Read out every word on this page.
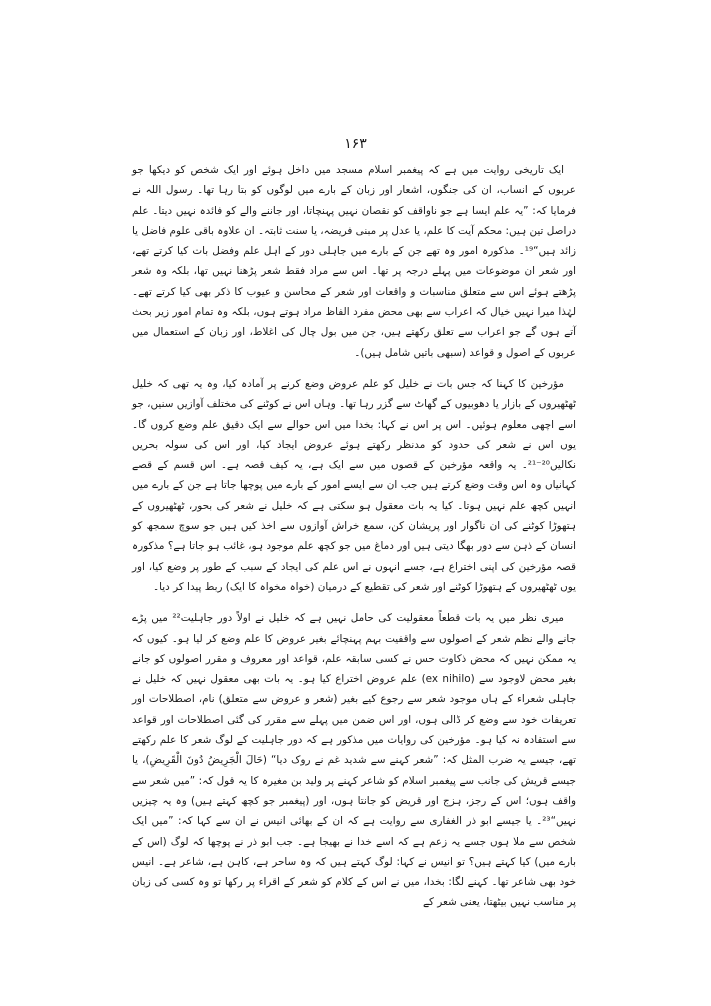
۱۶۳

ایک تاریخی روایت میں ہے کہ پیغمبر اسلام مسجد میں داخل ہوئے اور ایک شخص کو دیکھا جو عربوں کے انساب، ان کی جنگوں، اشعار اور زبان کے بارے میں لوگوں کو بتا رہا تھا۔ رسول اللہ نے فرمایا کہ: ”یہ علم ایسا ہے جو ناواقف کو نقصان نہیں پہنچاتا، اور جاننے والے کو فائدہ نہیں دیتا۔ علم دراصل تین ہیں: محکم آیت کا علم، یا عدل پر مبنی فریضہ، یا سنت ثابتہ۔ ان علاوہ باقی علوم فاضل یا زائد ہیں“¹⁹۔ مذکورہ امور وہ تھے جن کے بارے میں جاہلی دور کے اہل علم وفضل بات کیا کرتے تھے، اور شعر ان موضوعات میں پہلے درجہ پر تھا۔ اس سے مراد فقط شعر پڑھنا نہیں تھا، بلکہ وہ شعر پڑھتے ہوئے اس سے متعلق مناسبات و واقعات اور شعر کے محاسن و عیوب کا ذکر بھی کیا کرتے تھے۔ لہٰذا میرا نہیں خیال کہ اعراب سے بھی محض مفرد الفاظ مراد ہوتے ہوں، بلکہ وہ تمام امور زیر بحث آتے ہوں گے جو اعراب سے تعلق رکھتے ہیں، جن میں بول چال کی اغلاط، اور زبان کے استعمال میں عربوں کے اصول و قواعد (سبھی باتیں شامل ہیں)۔

مؤرخین کا کہنا کہ جس بات نے خلیل کو علم عروض وضع کرنے پر آمادہ کیا، وہ یہ تھی کہ خلیل ٹھٹھیروں کے بازار یا دھوبیوں کے گھاٹ سے گزر رہا تھا۔ وہاں اس نے کوٹنے کی مختلف آوازیں سنیں، جو اسے اچھی معلوم ہوئیں۔ اس پر اس نے کہا: بخدا میں اس حوالے سے ایک دقیق علم وضع کروں گا۔ یوں اس نے شعر کی حدود کو مدنظر رکھتے ہوئے عروض ایجاد کیا، اور اس کی سولہ بحریں نکالیں²⁰⁻²¹۔ یہ واقعہ مؤرخین کے قصوں میں سے ایک ہے، یہ کیف قصہ ہے۔ اس قسم کے قصے کہانیاں وہ اس وقت وضع کرتے ہیں جب ان سے ایسے امور کے بارے میں پوچھا جاتا ہے جن کے بارے میں انہیں کچھ علم نہیں ہوتا۔ کیا یہ بات معقول ہو سکتی ہے کہ خلیل نے شعر کی بحور، ٹھٹھیروں کے ہتھوڑا کوٹنے کی ان ناگوار اور پریشان کن، سمع خراش آوازوں سے اخذ کیں ہیں جو سوچ سمجھ کو انسان کے ذہن سے دور بھگا دیتی ہیں اور دماغ میں جو کچھ علم موجود ہو، غائب ہو جاتا ہے؟ مذکورہ قصہ مؤرخین کی اپنی اختراع ہے، جسے انہوں نے اس علم کی ایجاد کے سبب کے طور پر وضع کیا، اور یوں ٹھٹھیروں کے ہتھوڑا کوٹنے اور شعر کی تقطیع کے درمیان (خواہ مخواہ کا ایک) ربط پیدا کر دیا۔

میری نظر میں یہ بات قطعاً معقولیت کی حامل نہیں ہے کہ خلیل نے اولاً دور جاہلیت²² میں پڑے جانے والے نظم شعر کے اصولوں سے واقفیت بہم پہنچائے بغیر عروض کا علم وضع کر لیا ہو۔ کیوں کہ یہ ممکن نہیں کہ محض ذکاوت حس نے کسی سابقہ علم، قواعد اور معروف و مقرر اصولوں کو جانے بغیر محض لاوجود سے (ex nihilo) علم عروض اختراع کیا ہو۔ یہ بات بھی معقول نہیں کہ خلیل نے جاہلی شعراء کے ہاں موجود شعر سے رجوع کیے بغیر (شعر و عروض سے متعلق) نام، اصطلاحات اور تعریفات خود سے وضع کر ڈالی ہوں، اور اس ضمن میں پہلے سے مقرر کی گئی اصطلاحات اور قواعد سے استفادہ نہ کیا ہو۔ مؤرخین کی روایات میں مذکور ہے کہ دور جاہلیت کے لوگ شعر کا علم رکھتے تھے، جیسے یہ ضرب المثل کہ: ”شعر کہنے سے شدید غم نے روک دیا“ (حَالَ الْجَرِيضُ دُونَ الْقَرِيضِ)، یا جیسے قریش کی جانب سے پیغمبر اسلام کو شاعر کہنے پر ولید بن مغیرہ کا یہ قول کہ: ”میں شعر سے واقف ہوں؛ اس کے رجز، ہزج اور قریض کو جانتا ہوں، اور (پیغمبر جو کچھ کہتے ہیں) وہ یہ چیزیں نہیں“²³۔ یا جیسے ابو ذر الغفاری سے روایت ہے کہ ان کے بھائی انیس نے ان سے کہا کہ: ”میں ایک شخص سے ملا ہوں جسے یہ زعم ہے کہ اسے خدا نے بھیجا ہے۔ جب ابو ذر نے پوچھا کہ لوگ (اس کے بارے میں) کیا کہتے ہیں؟ تو انیس نے کہا: لوگ کہتے ہیں کہ وہ ساحر ہے، کاہن ہے، شاعر ہے۔ انیس خود بھی شاعر تھا۔ کہنے لگا: بخدا، میں نے اس کے کلام کو شعر کے اقراء پر رکھا تو وہ کسی کی زبان پر مناسب نہیں بیٹھتا، یعنی شعر کے
